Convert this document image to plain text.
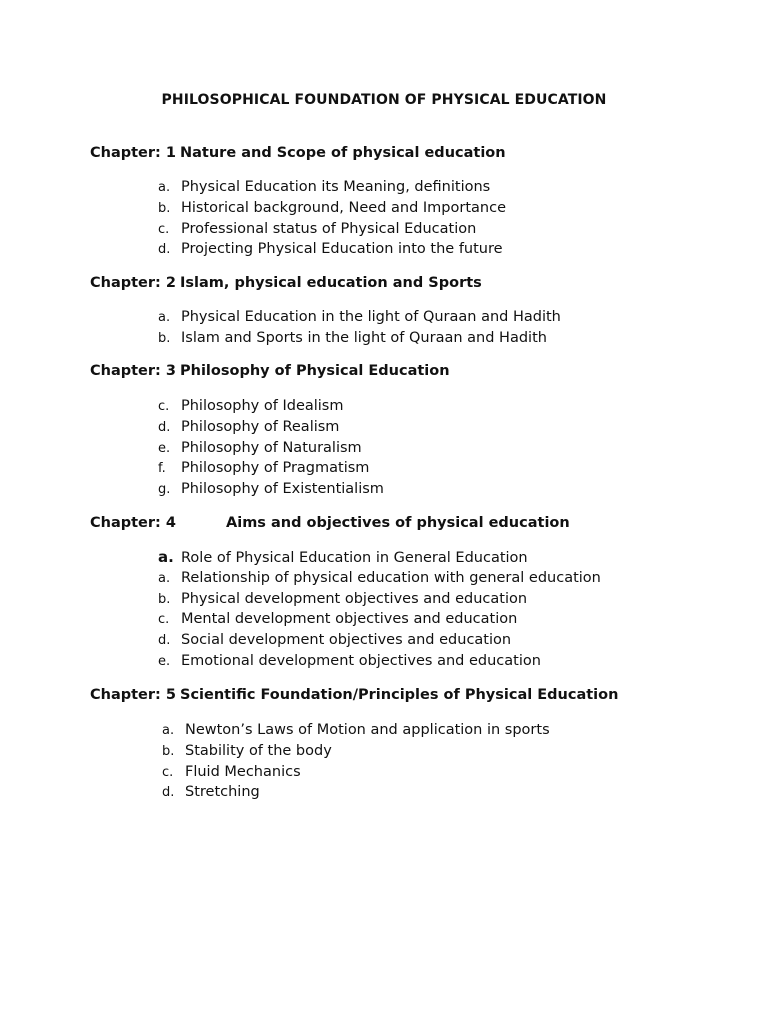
PHILOSOPHICAL FOUNDATION OF PHYSICAL EDUCATION
Chapter: 1 Nature and Scope of physical education
a. Physical Education its Meaning, definitions
b. Historical background, Need and Importance
c. Professional status of Physical Education
d. Projecting Physical Education into the future
Chapter: 2 Islam, physical education and Sports
a. Physical Education in the light of Quraan and Hadith
b. Islam and Sports in the light of Quraan and Hadith
Chapter: 3 Philosophy of Physical Education
c. Philosophy of Idealism
d. Philosophy of Realism
e. Philosophy of Naturalism
f. Philosophy of Pragmatism
g. Philosophy of Existentialism
Chapter: 4	Aims and objectives of physical education
a. Role of Physical Education in General Education
a. Relationship of physical education with general education
b. Physical development objectives and education
c. Mental development objectives and education
d. Social development objectives and education
e. Emotional development objectives and education
Chapter: 5 Scientific Foundation/Principles of Physical Education
a. Newton’s Laws of Motion and application in sports
b. Stability of the body
c. Fluid Mechanics
d. Stretching
